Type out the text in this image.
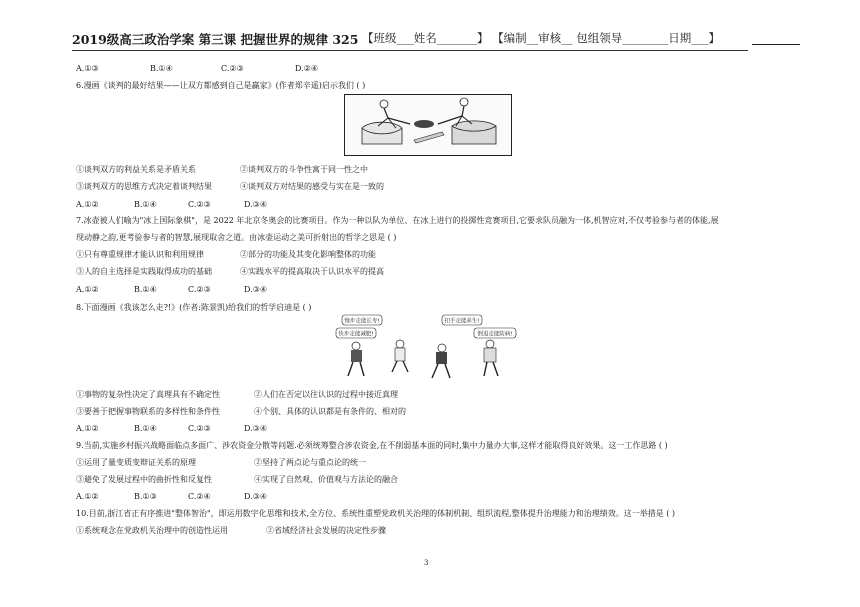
2019级高三政治学案 第三课 把握世界的规律 325 【班级___姓名_______】 【编制__审核__ 包组领导________日期___】
A.①③	B.①④	C.②③	D.②④
6.漫画《谈判的最好结果——让双方都感到自己是赢家》(作者郑辛遥)启示我们 ( )
①谈判双方的利益关系是矛盾关系	②谈判双方的斗争性寓于同一性之中
③谈判双方的思维方式决定着谈判结果	④谈判双方对结果的感受与实在是一致的
A.①②	B.①④	C.②③	D.③④
7.冰壶被人们喻为"冰上国际象棋"，是 2022 年北京冬奥会的比赛项目。作为一种以队为单位、在冰上进行的投掷性竞赛项目,它要求队员融为一体,机智应对,不仅考验参与者的体能,展
现动静之韵,更考验参与者的智慧,展现取舍之道。由冰壶运动之美可折射出的哲学之思是 ( )
①只有尊重规律才能认识和利用规律	②部分的功能及其变化影响整体的功能
③人的自主选择是实践取得成功的基础	④实践水平的提高取决于认识水平的提高
A.①②	B.①④	C.②③	D.③④
8.下面漫画《我该怎么走?!》(作者:陈景凯)给我们的哲学启迪是 ( )
慢步走能长寿!
快步走能减肥!
扣手走能养生!
倒退走能防病!
①事物的复杂性决定了真理具有不确定性	②人们在否定以往认识的过程中接近真理
③要善于把握事物联系的多样性和条件性	④个别、具体的认识都是有条件的、相对的
A.①②	B.①④	C.②③	D.③④
9.当前,实施乡村振兴战略面临点多面广、涉农资金分散等问题.必须统筹整合涉农资金,在不削弱基本面的同时,集中力量办大事,这样才能取得良好效果。这一工作思路 ( )
①运用了量变质变辩证关系的原理	②坚持了两点论与重点论的统一
③避免了发展过程中的曲折性和反复性	④实现了自然观、价值观与方法论的融合
A.①②	B.①③	C.②④	D.③④
10.目前,浙江省正有序推进"整体智治"，即运用数字化思维和技术,全方位、系统性重塑党政机关治理的体制机制、组织流程,整体提升治理能力和治理绩效。这一举措是 ( )
①系统观念在党政机关治理中的创造性运用	②省域经济社会发展的决定性步骤
3
